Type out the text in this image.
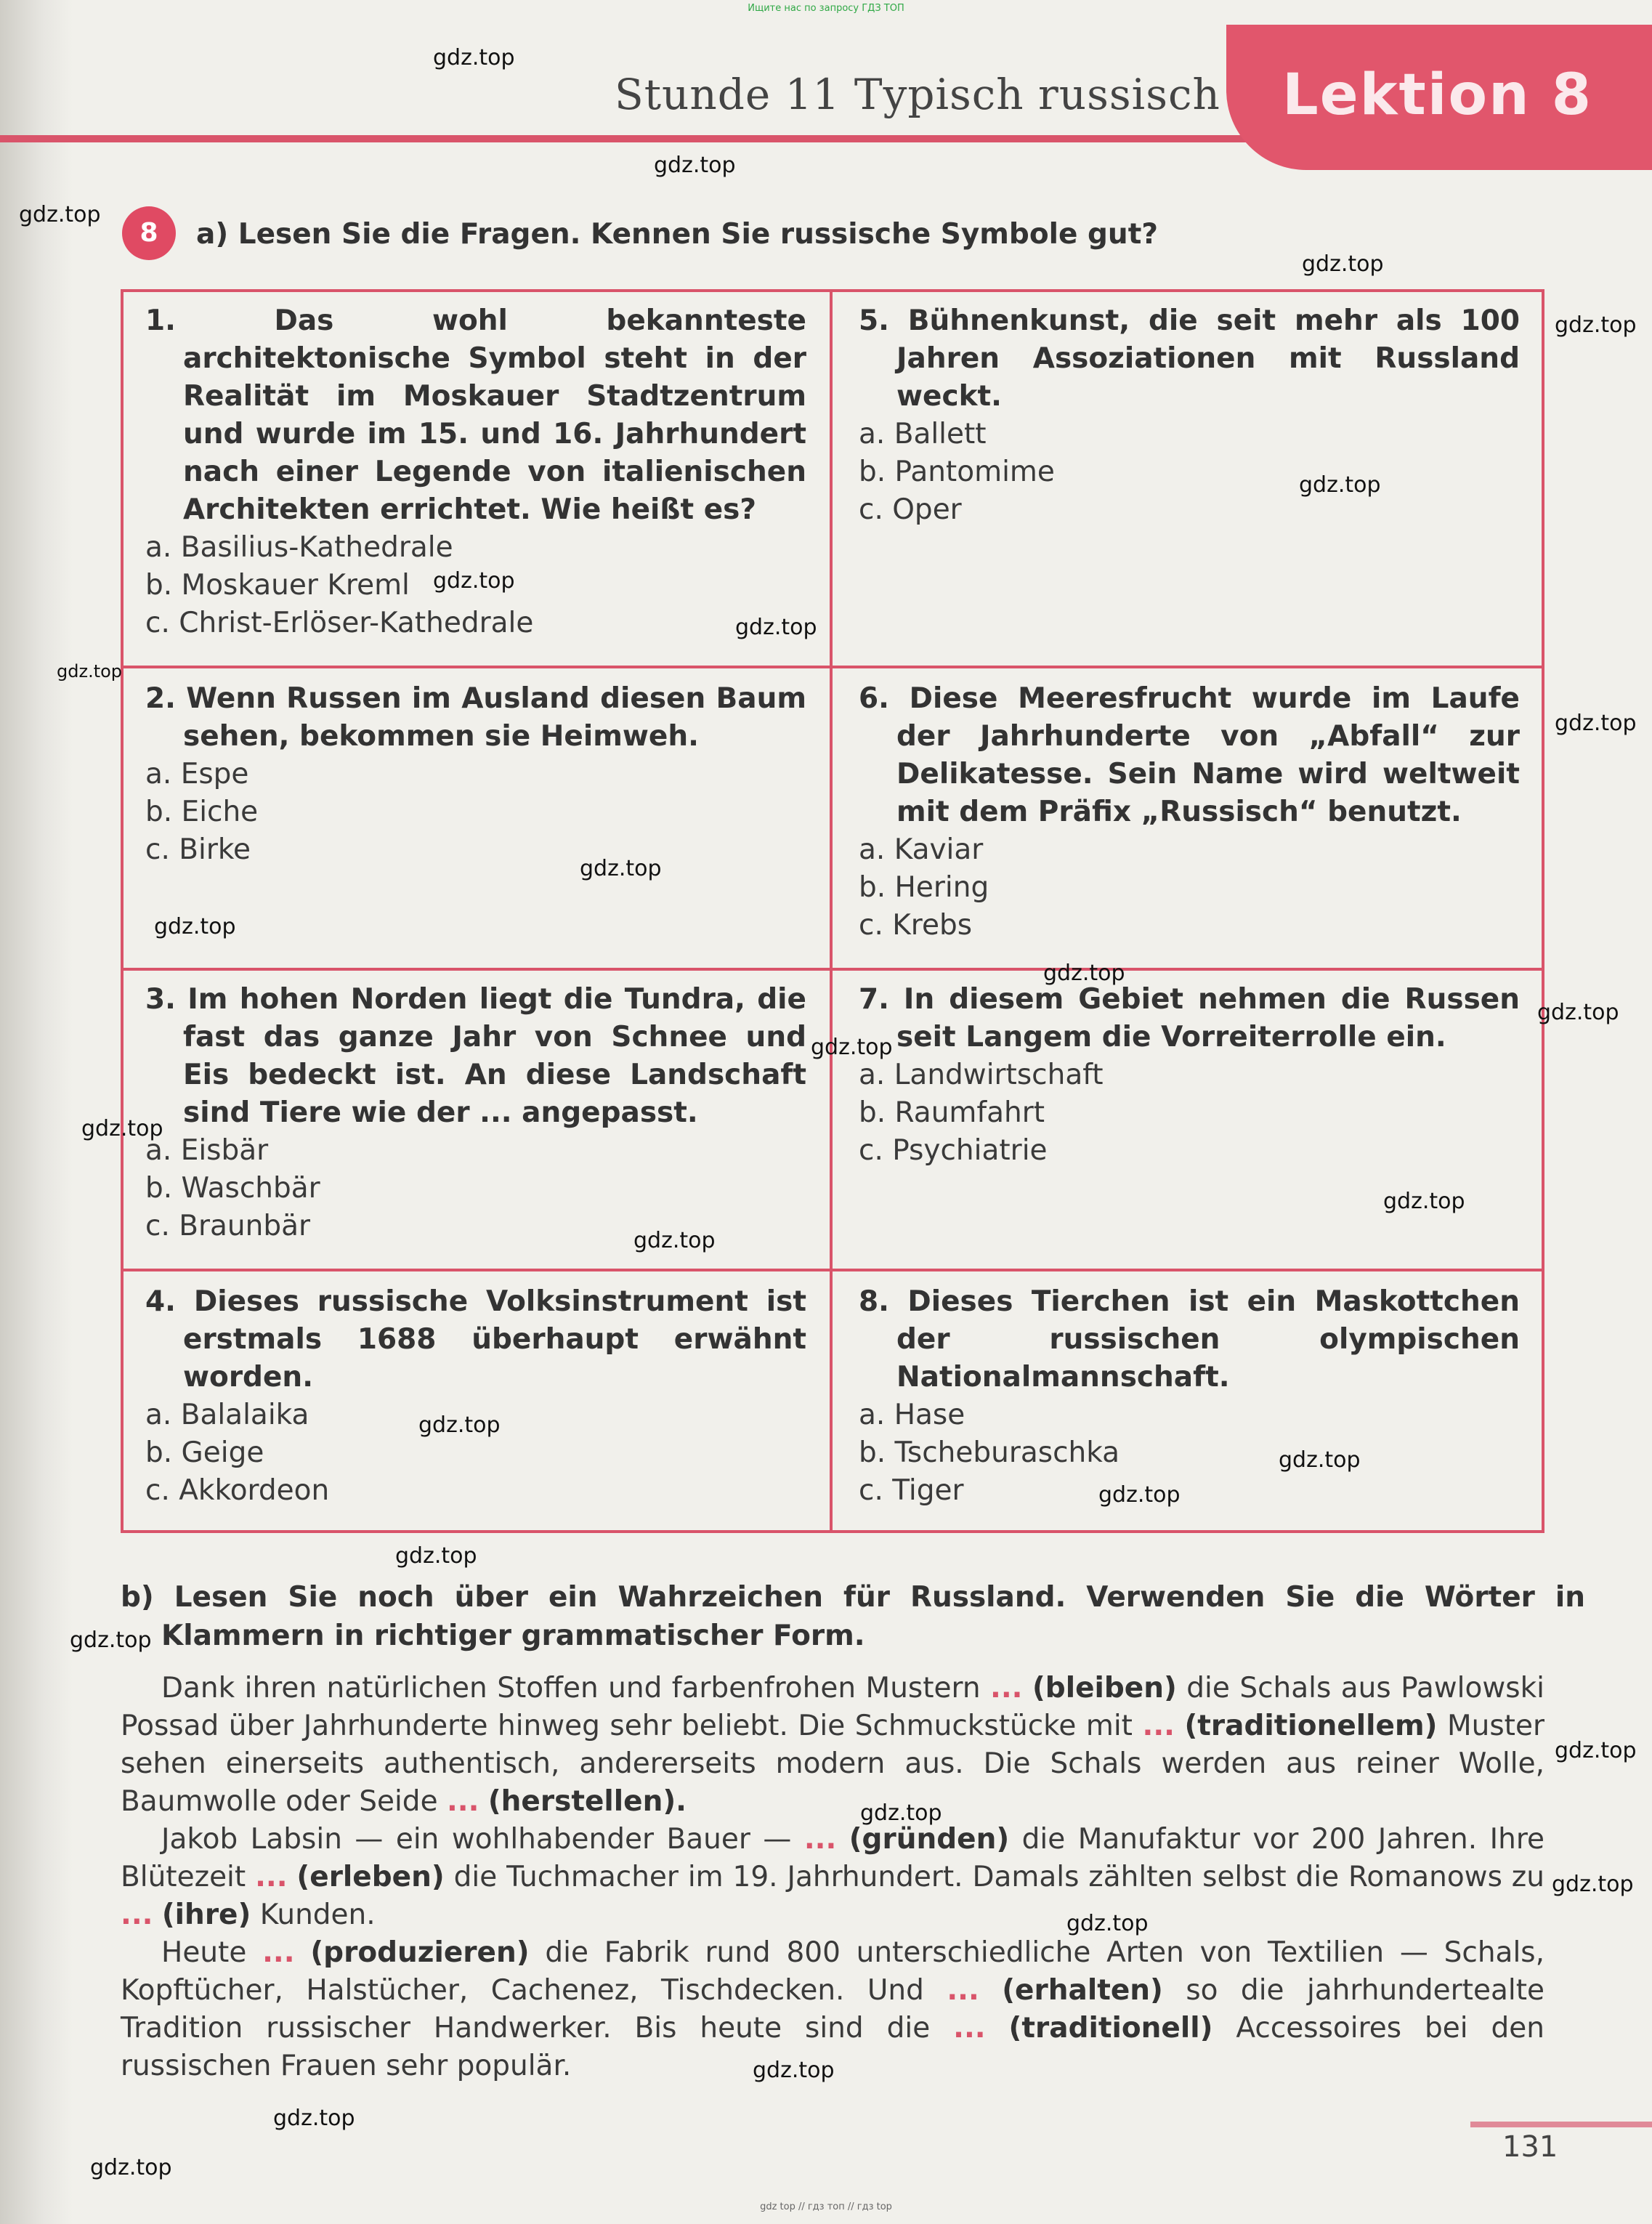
Ищите нас по запросу ГДЗ ТОП
Stunde 11 Typisch russisch Lektion 8
8	a) Lesen Sie die Fragen. Kennen Sie russische Symbole gut?
1. Das wohl bekannteste architektonische Symbol steht in der Realität im Moskauer Stadtzentrum und wurde im 15. und 16. Jahrhundert nach einer Legende von italienischen Architekten errichtet. Wie heißt es?
a. Basilius-Kathedrale
b. Moskauer Kreml
c. Christ-Erlöser-Kathedrale
5. Bühnenkunst, die seit mehr als 100 Jahren Assoziationen mit Russland weckt.
a. Ballett
b. Pantomime
c. Oper
2. Wenn Russen im Ausland diesen Baum sehen, bekommen sie Heimweh.
a. Espe
b. Eiche
c. Birke
6. Diese Meeresfrucht wurde im Laufe der Jahrhunderte von „Abfall“ zur Delikatesse. Sein Name wird weltweit mit dem Präfix „Russisch“ benutzt.
a. Kaviar
b. Hering
c. Krebs
3. Im hohen Norden liegt die Tundra, die fast das ganze Jahr von Schnee und Eis bedeckt ist. An diese Landschaft sind Tiere wie der ... angepasst.
a. Eisbär
b. Waschbär
c. Braunbär
7. In diesem Gebiet nehmen die Russen seit Langem die Vorreiterrolle ein.
a. Landwirtschaft
b. Raumfahrt
c. Psychiatrie
4. Dieses russische Volksinstrument ist erstmals 1688 überhaupt erwähnt worden.
a. Balalaika
b. Geige
c. Akkordeon
8. Dieses Tierchen ist ein Maskottchen der russischen olympischen Nationalmannschaft.
a. Hase
b. Tscheburaschka
c. Tiger
b) Lesen Sie noch über ein Wahrzeichen für Russland. Verwenden Sie die Wörter in Klammern in richtiger grammatischer Form.

Dank ihren natürlichen Stoffen und farbenfrohen Mustern ... (bleiben) die Schals aus Pawlowski Possad über Jahrhunderte hinweg sehr beliebt. Die Schmuckstücke mit ... (traditionellem) Muster sehen einerseits authentisch, andererseits modern aus. Die Schals werden aus reiner Wolle, Baumwolle oder Seide ... (herstellen).

Jakob Labsin — ein wohlhabender Bauer — ... (gründen) die Manufaktur vor 200 Jahren. Ihre Blütezeit ... (erleben) die Tuchmacher im 19. Jahrhundert. Damals zählten selbst die Romanows zu ... (ihre) Kunden.

Heute ... (produzieren) die Fabrik rund 800 unterschiedliche Arten von Textilien — Schals, Kopftücher, Halstücher, Cachenez, Tischdecken. Und ... (erhalten) so die jahrhundertealte Tradition russischer Handwerker. Bis heute sind die ... (traditionell) Accessoires bei den russischen Frauen sehr populär.

131
gdz.top
gdz.top
gdz.top
gdz.top
gdz.top
gdz.top
gdz.top
gdz.top
gdz.top
gdz.top
gdz.top
gdz.top
gdz.top
gdz.top
gdz.top
gdz.top
gdz.top
gdz.top
gdz.top
gdz.top
gdz.top
gdz.top
gdz.top
gdz.top
gdz.top
gdz.top
gdz.top
gdz.top
gdz.top
gdz.top
gdz top // гдз топ // гдз top
